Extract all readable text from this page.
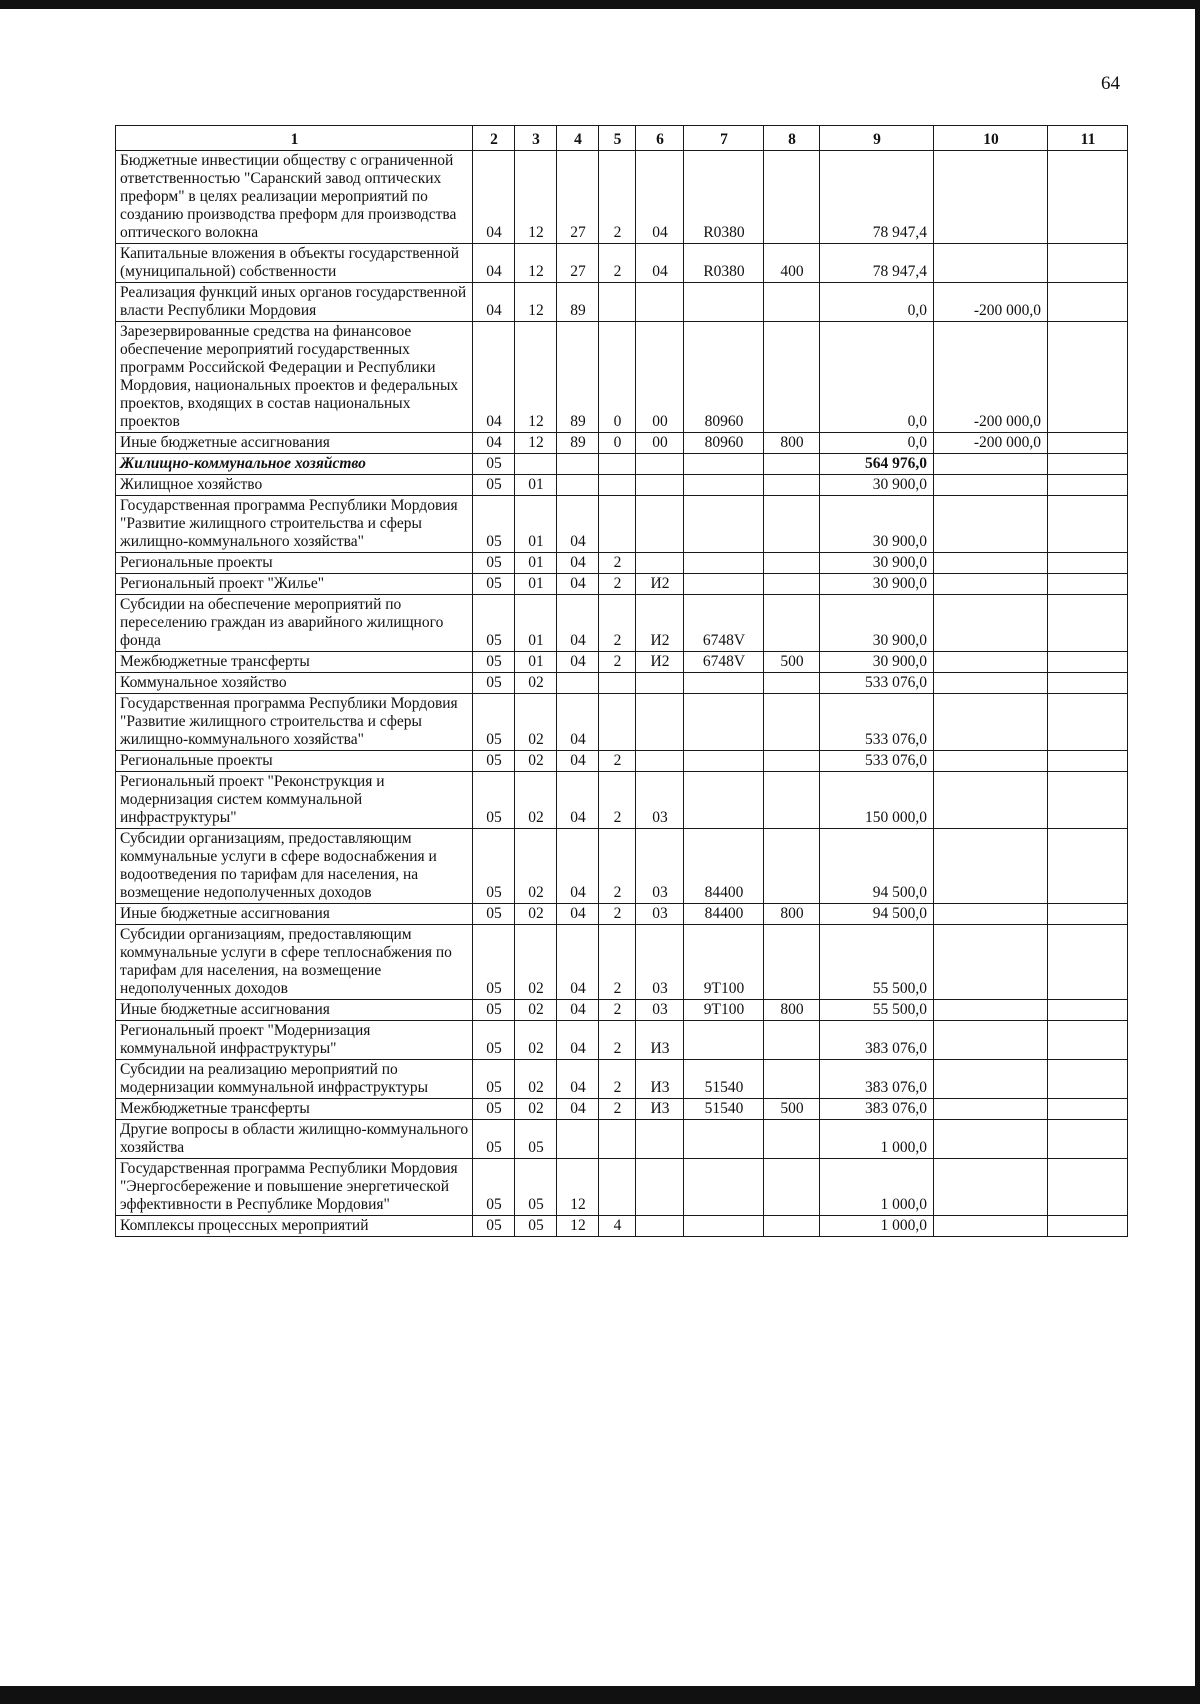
64
1	2	3	4	5	6	7	8	9	10	11
Бюджетные инвестиции обществу с ограниченной ответственностью "Саранский завод оптических преформ" в целях реализации мероприятий по созданию производства преформ для производства оптического волокна	04	12	27	2	04	R0380		78 947,4		
Капитальные вложения в объекты государственной (муниципальной) собственности	04	12	27	2	04	R0380	400	78 947,4		
Реализация функций иных органов государственной власти Республики Мордовия	04	12	89					0,0	-200 000,0	
Зарезервированные средства на финансовое обеспечение мероприятий государственных программ Российской Федерации и Республики Мордовия, национальных проектов и федеральных проектов, входящих в состав национальных проектов	04	12	89	0	00	80960		0,0	-200 000,0	
Иные бюджетные ассигнования	04	12	89	0	00	80960	800	0,0	-200 000,0	
Жилищно-коммунальное хозяйство	05							564 976,0		
Жилищное хозяйство	05	01						30 900,0		
Государственная программа Республики Мордовия "Развитие жилищного строительства и сферы жилищно-коммунального хозяйства"	05	01	04					30 900,0		
Региональные проекты	05	01	04	2				30 900,0		
Региональный проект "Жилье"	05	01	04	2	И2			30 900,0		
Субсидии на обеспечение мероприятий по переселению граждан из аварийного жилищного фонда	05	01	04	2	И2	6748V		30 900,0		
Межбюджетные трансферты	05	01	04	2	И2	6748V	500	30 900,0		
Коммунальное хозяйство	05	02						533 076,0		
Государственная программа Республики Мордовия "Развитие жилищного строительства и сферы жилищно-коммунального хозяйства"	05	02	04					533 076,0		
Региональные проекты	05	02	04	2				533 076,0		
Региональный проект "Реконструкция и модернизация систем коммунальной инфраструктуры"	05	02	04	2	03			150 000,0		
Субсидии организациям, предоставляющим коммунальные услуги в сфере водоснабжения и водоотведения по тарифам для населения, на возмещение недополученных доходов	05	02	04	2	03	84400		94 500,0		
Иные бюджетные ассигнования	05	02	04	2	03	84400	800	94 500,0		
Субсидии организациям, предоставляющим коммунальные услуги в сфере теплоснабжения по тарифам для населения, на возмещение недополученных доходов	05	02	04	2	03	9Т100		55 500,0		
Иные бюджетные ассигнования	05	02	04	2	03	9Т100	800	55 500,0		
Региональный проект "Модернизация коммунальной инфраструктуры"	05	02	04	2	И3			383 076,0		
Субсидии на реализацию мероприятий по модернизации коммунальной инфраструктуры	05	02	04	2	И3	51540		383 076,0		
Межбюджетные трансферты	05	02	04	2	И3	51540	500	383 076,0		
Другие вопросы в области жилищно-коммунального хозяйства	05	05						1 000,0		
Государственная программа Республики Мордовия "Энергосбережение и повышение энергетической эффективности в Республике Мордовия"	05	05	12					1 000,0		
Комплексы процессных мероприятий	05	05	12	4				1 000,0		
